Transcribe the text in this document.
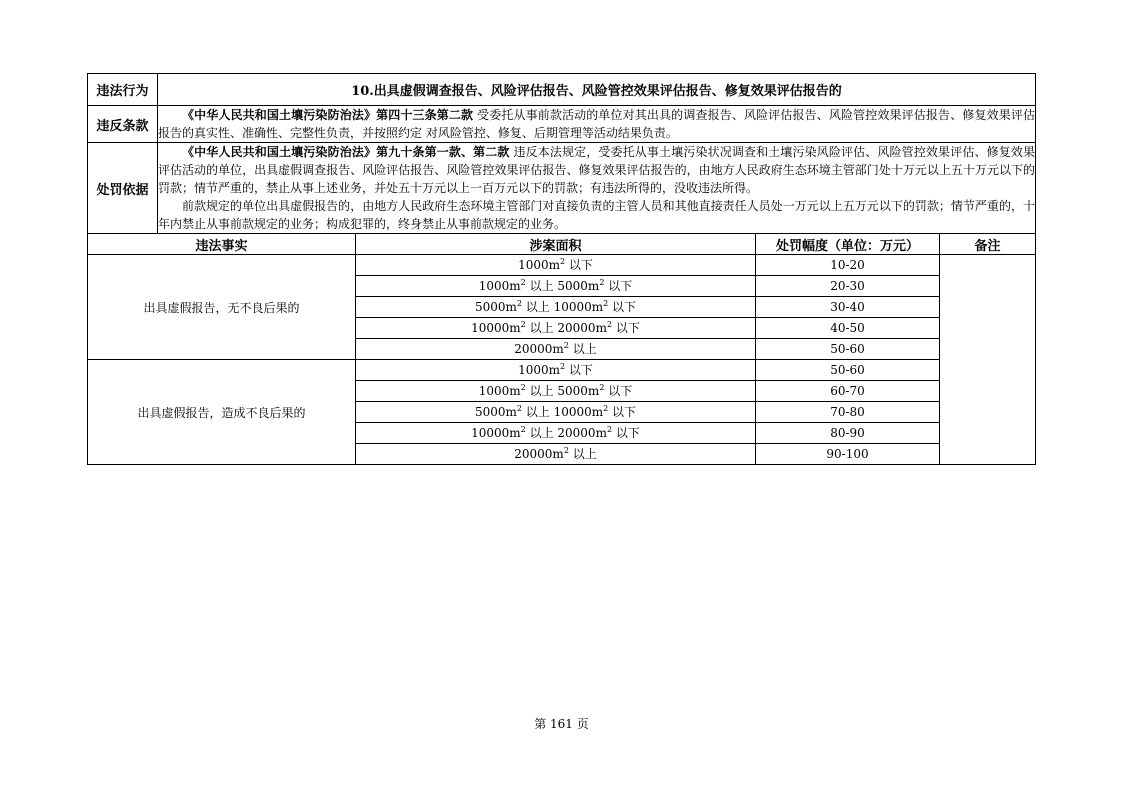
违法行为	10.出具虚假调查报告、风险评估报告、风险管控效果评估报告、修复效果评估报告的			
违反条款	《中华人民共和国土壤污染防治法》第四十三条第二款 受委托从事前款活动的单位对其出具的调查报告、风险评估报告、风险管控效果评估报告、修复效果评估报告的真实性、准确性、完整性负责，并按照约定 对风险管控、修复、后期管理等活动结果负责。			

处罚依据	《中华人民共和国土壤污染防治法》第九十条第一款、第二款 违反本法规定，受委托从事土壤污染状况调查和土壤污染风险评估、风险管控效果评估、修复效果评估活动的单位，出具虚假调查报告、风险评估报告、风险管控效果评估报告、修复效果评估报告的，由地方人民政府生态环境主管部门处十万元以上五十万元以下的罚款；情节严重的，禁止从事上述业务，并处五十万元以上一百万元以下的罚款；有违法所得的，没收违法所得。

前款规定的单位出具虚假报告的，由地方人民政府生态环境主管部门对直接负责的主管人员和其他直接责任人员处一万元以上五万元以下的罚款；情节严重的，十年内禁止从事前款规定的业务；构成犯罪的，终身禁止从事前款规定的业务。			

违法事实		涉案面积	处罚幅度（单位：万元）	备注
出具虚假报告，无不良后果的		$1000m^2$ 以下	10-20	
		$1000m^2$ 以上 $5000m^2$ 以下	20-30	
		$5000m^2$ 以上 $10000m^2$ 以下	30-40	
		$10000m^2$ 以上 $20000m^2$ 以下	40-50	
		$20000m^2$ 以上	50-60	
出具虚假报告，造成不良后果的		$1000m^2$ 以下	50-60	
		$1000m^2$ 以上 $5000m^2$ 以下	60-70	
		$5000m^2$ 以上 $10000m^2$ 以下	70-80	
		$10000m^2$ 以上 $20000m^2$ 以下	80-90	
		$20000m^2$ 以上	90-100	
第 161 页
